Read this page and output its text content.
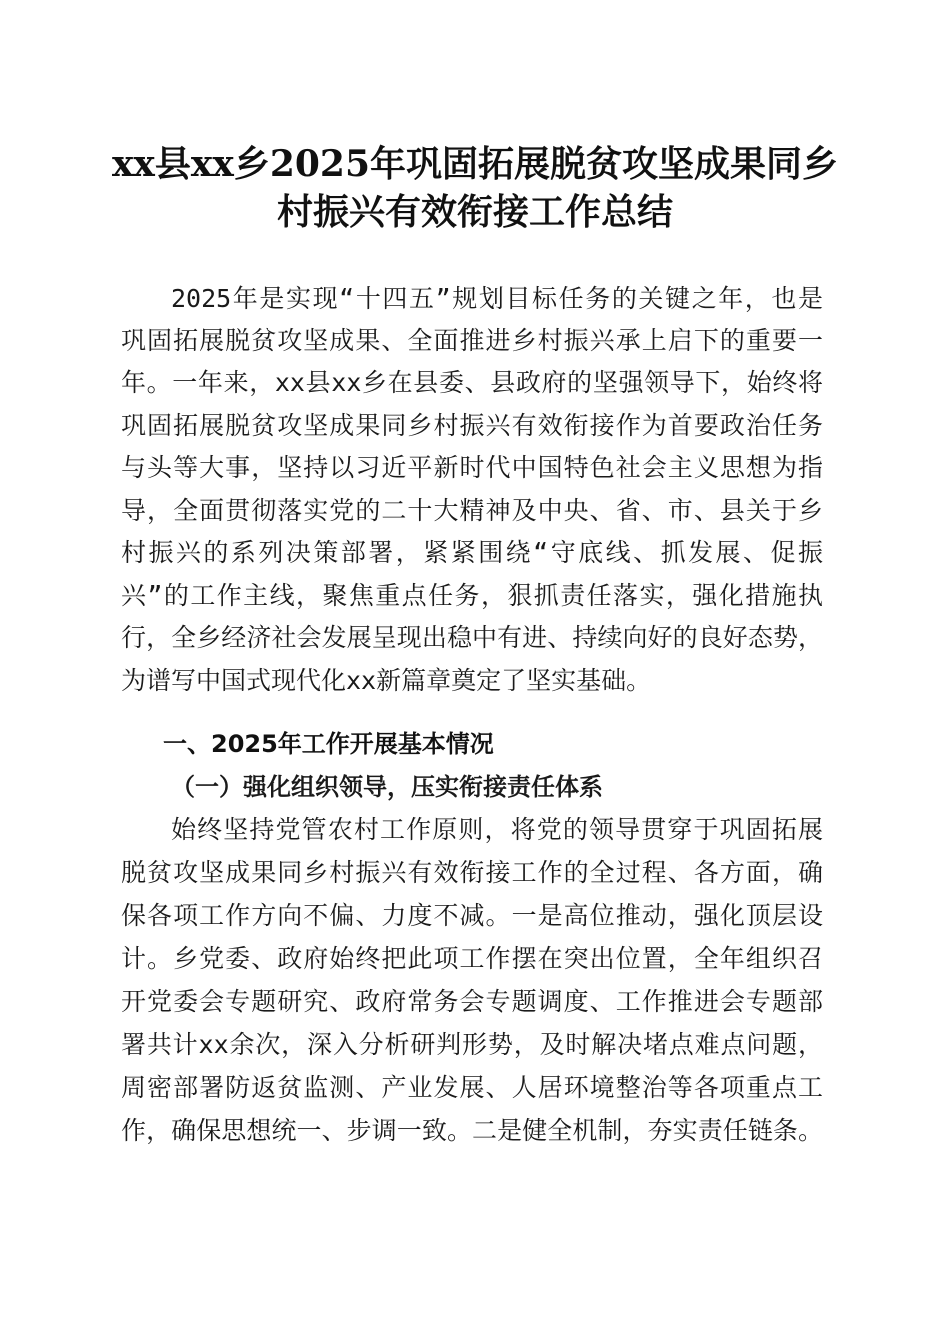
xx县xx乡2025年巩固拓展脱贫攻坚成果同乡
村振兴有效衔接工作总结

2025年是实现“十四五”规划目标任务的关键之年，也是

巩固拓展脱贫攻坚成果、全面推进乡村振兴承上启下的重要一

年。一年来，xx县xx乡在县委、县政府的坚强领导下，始终将

巩固拓展脱贫攻坚成果同乡村振兴有效衔接作为首要政治任务

与头等大事，坚持以习近平新时代中国特色社会主义思想为指

导，全面贯彻落实党的二十大精神及中央、省、市、县关于乡

村振兴的系列决策部署，紧紧围绕“守底线、抓发展、促振

兴”的工作主线，聚焦重点任务，狠抓责任落实，强化措施执

行，全乡经济社会发展呈现出稳中有进、持续向好的良好态势，

为谱写中国式现代化xx新篇章奠定了坚实基础。

一、2025年工作开展基本情况
（一）强化组织领导，压实衔接责任体系

始终坚持党管农村工作原则，将党的领导贯穿于巩固拓展

脱贫攻坚成果同乡村振兴有效衔接工作的全过程、各方面，确

保各项工作方向不偏、力度不减。一是高位推动，强化顶层设

计。乡党委、政府始终把此项工作摆在突出位置，全年组织召

开党委会专题研究、政府常务会专题调度、工作推进会专题部

署共计xx余次，深入分析研判形势，及时解决堵点难点问题，

周密部署防返贫监测、产业发展、人居环境整治等各项重点工

作，确保思想统一、步调一致。二是健全机制，夯实责任链条。
